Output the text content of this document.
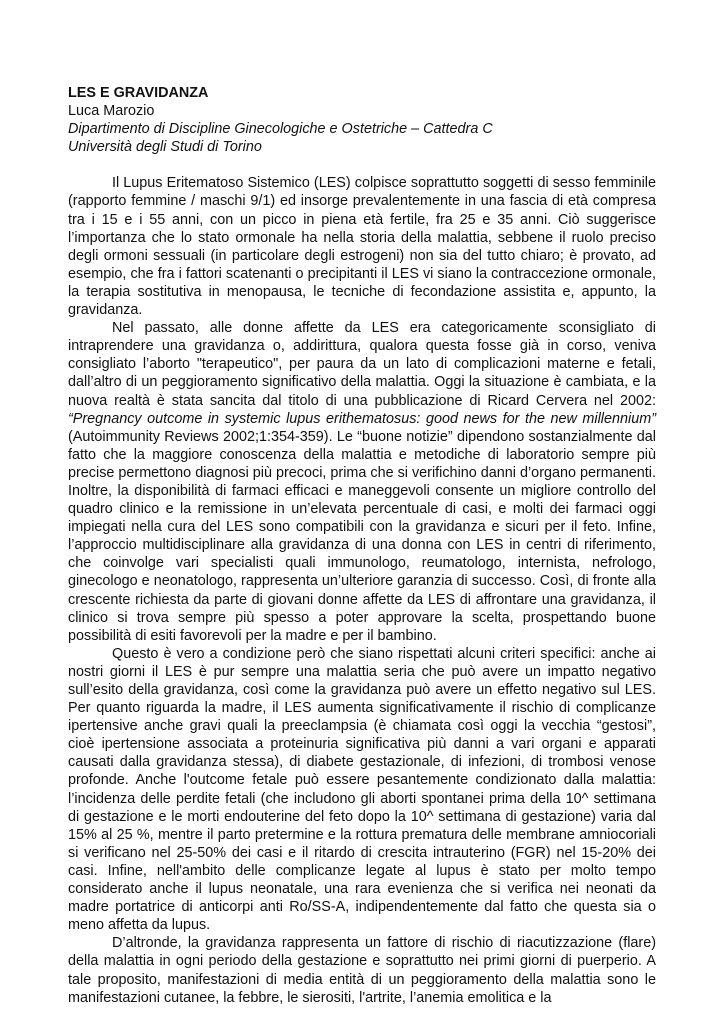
LES E GRAVIDANZA
Luca Marozio
Dipartimento di Discipline Ginecologiche e Ostetriche – Cattedra C
Università degli Studi di Torino

Il Lupus Eritematoso Sistemico (LES) colpisce soprattutto soggetti di sesso femminile (rapporto femmine / maschi 9/1) ed insorge prevalentemente in una fascia di età compresa tra i 15 e i 55 anni, con un picco in piena età fertile, fra 25 e 35 anni. Ciò suggerisce l’importanza che lo stato ormonale ha nella storia della malattia, sebbene il ruolo preciso degli ormoni sessuali (in particolare degli estrogeni) non sia del tutto chiaro; è provato, ad esempio, che fra i fattori scatenanti o precipitanti il LES vi siano la contraccezione ormonale, la terapia sostitutiva in menopausa, le tecniche di fecondazione assistita e, appunto, la gravidanza.

Nel passato, alle donne affette da LES era categoricamente sconsigliato di intraprendere una gravidanza o, addirittura, qualora questa fosse già in corso, veniva consigliato l’aborto "terapeutico", per paura da un lato di complicazioni materne e fetali, dall’altro di un peggioramento significativo della malattia. Oggi la situazione è cambiata, e la nuova realtà è stata sancita dal titolo di una pubblicazione di Ricard Cervera nel 2002: “Pregnancy outcome in systemic lupus erithematosus: good news for the new millennium” (Autoimmunity Reviews 2002;1:354-359). Le “buone notizie” dipendono sostanzialmente dal fatto che la maggiore conoscenza della malattia e metodiche di laboratorio sempre più precise permettono diagnosi più precoci, prima che si verifichino danni d’organo permanenti. Inoltre, la disponibilità di farmaci efficaci e maneggevoli consente un migliore controllo del quadro clinico e la remissione in un’elevata percentuale di casi, e molti dei farmaci oggi impiegati nella cura del LES sono compatibili con la gravidanza e sicuri per il feto. Infine, l’approccio multidisciplinare alla gravidanza di una donna con LES in centri di riferimento, che coinvolge vari specialisti quali immunologo, reumatologo, internista, nefrologo, ginecologo e neonatologo, rappresenta un’ulteriore garanzia di successo. Così, di fronte alla crescente richiesta da parte di giovani donne affette da LES di affrontare una gravidanza, il clinico si trova sempre più spesso a poter approvare la scelta, prospettando buone possibilità di esiti favorevoli per la madre e per il bambino.

Questo è vero a condizione però che siano rispettati alcuni criteri specifici: anche ai nostri giorni il LES è pur sempre una malattia seria che può avere un impatto negativo sull’esito della gravidanza, così come la gravidanza può avere un effetto negativo sul LES. Per quanto riguarda la madre, il LES aumenta significativamente il rischio di complicanze ipertensive anche gravi quali la preeclampsia (è chiamata così oggi la vecchia “gestosi”, cioè ipertensione associata a proteinuria significativa più danni a vari organi e apparati causati dalla gravidanza stessa), di diabete gestazionale, di infezioni, di trombosi venose profonde. Anche l'outcome fetale può essere pesantemente condizionato dalla malattia: l’incidenza delle perdite fetali (che includono gli aborti spontanei prima della 10^ settimana di gestazione e le morti endouterine del feto dopo la 10^ settimana di gestazione) varia dal 15% al 25 %, mentre il parto pretermine e la rottura prematura delle membrane amniocoriali si verificano nel 25-50% dei casi e il ritardo di crescita intrauterino (FGR) nel 15-20% dei casi. Infine, nell'ambito delle complicanze legate al lupus è stato per molto tempo considerato anche il lupus neonatale, una rara evenienza che si verifica nei neonati da madre portatrice di anticorpi anti Ro/SS-A, indipendentemente dal fatto che questa sia o meno affetta da lupus.

D’altronde, la gravidanza rappresenta un fattore di rischio di riacutizzazione (flare) della malattia in ogni periodo della gestazione e soprattutto nei primi giorni di puerperio. A tale proposito, manifestazioni di media entità di un peggioramento della malattia sono le manifestazioni cutanee, la febbre, le sierositi, l'artrite, l’anemia emolitica e la
